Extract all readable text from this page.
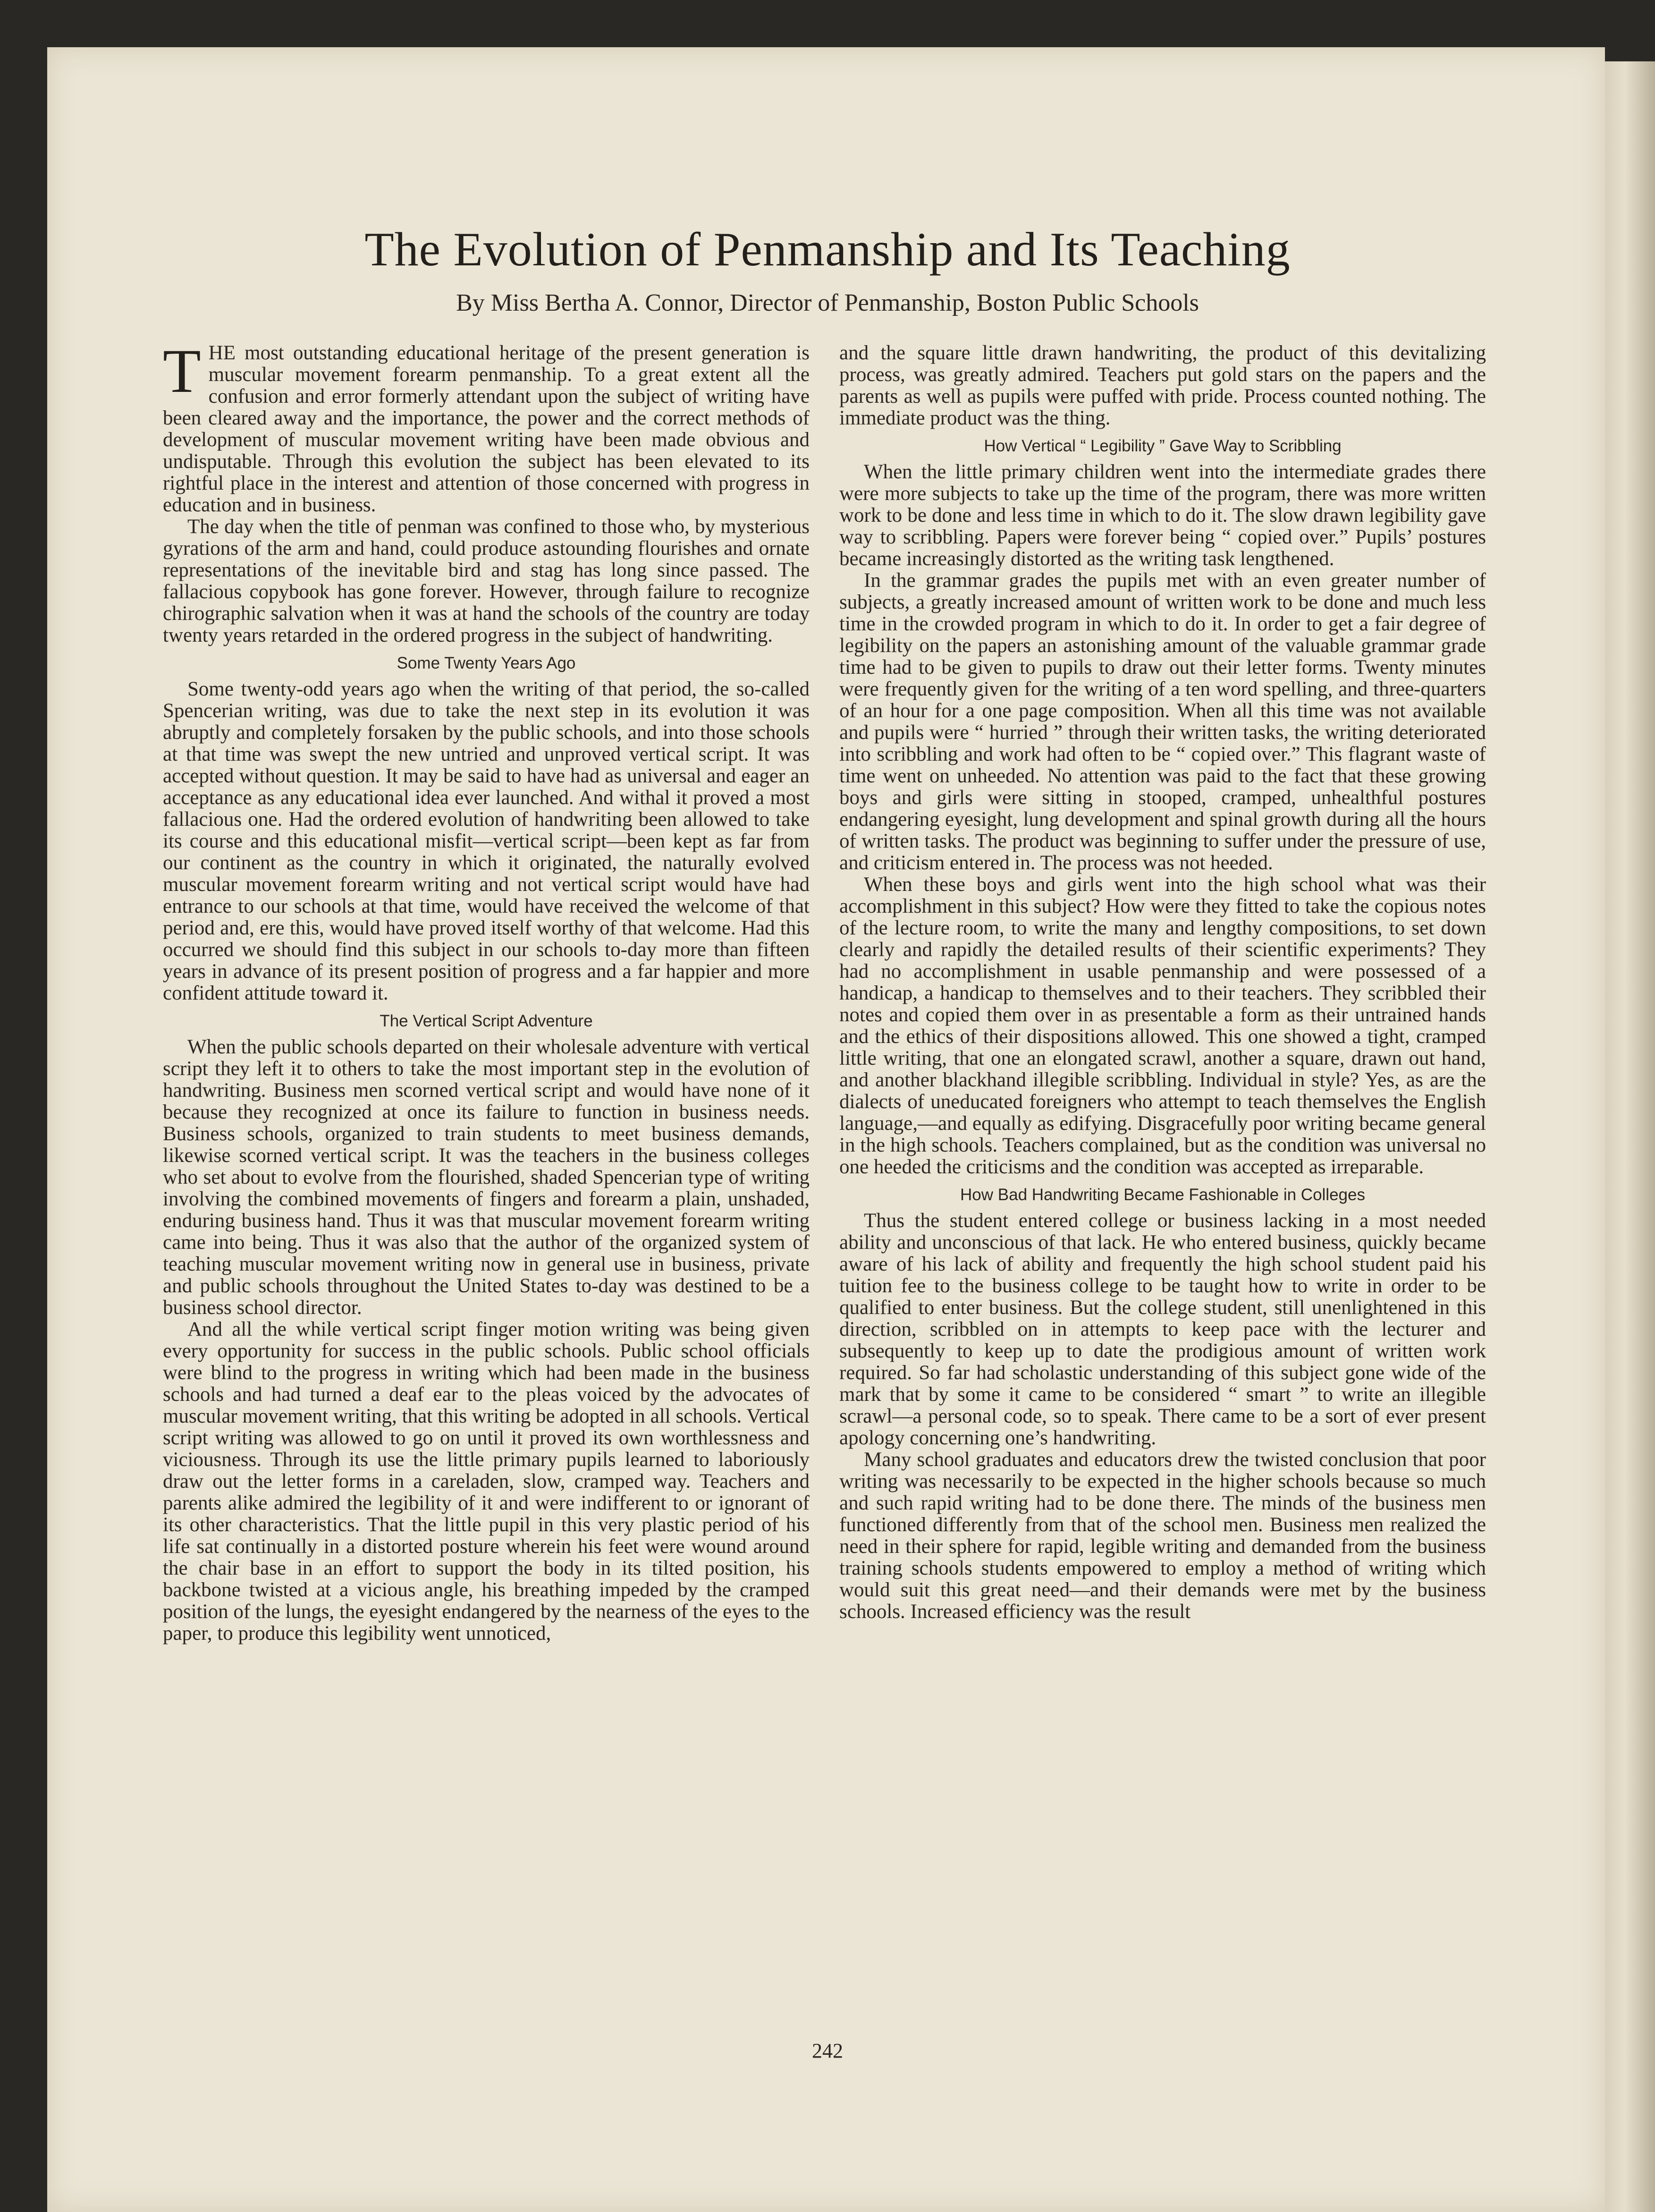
The Evolution of Penmanship and Its Teaching
By Miss Bertha A. Connor, Director of Penmanship, Boston Public Schools

THE most outstanding educational heritage of the present generation is muscular movement forearm penmanship. To a great extent all the confusion and error formerly attendant upon the subject of writing have been cleared away and the importance, the power and the correct methods of development of muscular movement writing have been made obvious and undisputable. Through this evolution the subject has been elevated to its rightful place in the interest and attention of those concerned with progress in education and in business.

The day when the title of penman was confined to those who, by mysterious gyrations of the arm and hand, could produce astounding flourishes and ornate representations of the inevitable bird and stag has long since passed. The fallacious copybook has gone forever. However, through failure to recognize chirographic salvation when it was at hand the schools of the country are today twenty years retarded in the ordered progress in the subject of handwriting.

Some Twenty Years Ago

Some twenty-odd years ago when the writing of that period, the so-called Spencerian writing, was due to take the next step in its evolution it was abruptly and completely forsaken by the public schools, and into those schools at that time was swept the new untried and unproved vertical script. It was accepted without question. It may be said to have had as universal and eager an acceptance as any educational idea ever launched. And withal it proved a most fallacious one. Had the ordered evolution of handwriting been allowed to take its course and this educational misfit—vertical script—been kept as far from our continent as the country in which it originated, the naturally evolved muscular movement forearm writing and not vertical script would have had entrance to our schools at that time, would have received the welcome of that period and, ere this, would have proved itself worthy of that welcome. Had this occurred we should find this subject in our schools to-day more than fifteen years in advance of its present position of progress and a far happier and more confident attitude toward it.

The Vertical Script Adventure

When the public schools departed on their wholesale adventure with vertical script they left it to others to take the most important step in the evolution of handwriting. Business men scorned vertical script and would have none of it because they recognized at once its failure to function in business needs. Business schools, organized to train students to meet business demands, likewise scorned vertical script. It was the teachers in the business colleges who set about to evolve from the flourished, shaded Spencerian type of writing involving the combined movements of fingers and forearm a plain, unshaded, enduring business hand. Thus it was that muscular movement forearm writing came into being. Thus it was also that the author of the organized system of teaching muscular movement writing now in general use in business, private and public schools throughout the United States to-day was destined to be a business school director.

And all the while vertical script finger motion writing was being given every opportunity for success in the public schools. Public school officials were blind to the progress in writing which had been made in the business schools and had turned a deaf ear to the pleas voiced by the advocates of muscular movement writing, that this writing be adopted in all schools. Vertical script writing was allowed to go on until it proved its own worthlessness and viciousness. Through its use the little primary pupils learned to laboriously draw out the letter forms in a careladen, slow, cramped way. Teachers and parents alike admired the legibility of it and were indifferent to or ignorant of its other characteristics. That the little pupil in this very plastic period of his life sat continually in a distorted posture wherein his feet were wound around the chair base in an effort to support the body in its tilted position, his backbone twisted at a vicious angle, his breathing impeded by the cramped position of the lungs, the eyesight endangered by the nearness of the eyes to the paper, to produce this legibility went unnoticed,

and the square little drawn handwriting, the product of this devitalizing process, was greatly admired. Teachers put gold stars on the papers and the parents as well as pupils were puffed with pride. Process counted nothing. The immediate product was the thing.

How Vertical “ Legibility ” Gave Way to Scribbling

When the little primary children went into the intermediate grades there were more subjects to take up the time of the program, there was more written work to be done and less time in which to do it. The slow drawn legibility gave way to scribbling. Papers were forever being “ copied over.” Pupils’ postures became increasingly distorted as the writing task lengthened.

In the grammar grades the pupils met with an even greater number of subjects, a greatly increased amount of written work to be done and much less time in the crowded program in which to do it. In order to get a fair degree of legibility on the papers an astonishing amount of the valuable grammar grade time had to be given to pupils to draw out their letter forms. Twenty minutes were frequently given for the writing of a ten word spelling, and three-quarters of an hour for a one page composition. When all this time was not available and pupils were “ hurried ” through their written tasks, the writing deteriorated into scribbling and work had often to be “ copied over.” This flagrant waste of time went on unheeded. No attention was paid to the fact that these growing boys and girls were sitting in stooped, cramped, unhealthful postures endangering eyesight, lung development and spinal growth during all the hours of written tasks. The product was beginning to suffer under the pressure of use, and criticism entered in. The process was not heeded.

When these boys and girls went into the high school what was their accomplishment in this subject? How were they fitted to take the copious notes of the lecture room, to write the many and lengthy compositions, to set down clearly and rapidly the detailed results of their scientific experiments? They had no accomplishment in usable penmanship and were possessed of a handicap, a handicap to themselves and to their teachers. They scribbled their notes and copied them over in as presentable a form as their untrained hands and the ethics of their dispositions allowed. This one showed a tight, cramped little writing, that one an elongated scrawl, another a square, drawn out hand, and another blackhand illegible scribbling. Individual in style? Yes, as are the dialects of uneducated foreigners who attempt to teach themselves the English language,—and equally as edifying. Disgracefully poor writing became general in the high schools. Teachers complained, but as the condition was universal no one heeded the criticisms and the condition was accepted as irreparable.

How Bad Handwriting Became Fashionable in Colleges

Thus the student entered college or business lacking in a most needed ability and unconscious of that lack. He who entered business, quickly became aware of his lack of ability and frequently the high school student paid his tuition fee to the business college to be taught how to write in order to be qualified to enter business. But the college student, still unenlightened in this direction, scribbled on in attempts to keep pace with the lecturer and subsequently to keep up to date the prodigious amount of written work required. So far had scholastic understanding of this subject gone wide of the mark that by some it came to be considered “ smart ” to write an illegible scrawl—a personal code, so to speak. There came to be a sort of ever present apology concerning one’s handwriting.

Many school graduates and educators drew the twisted conclusion that poor writing was necessarily to be expected in the higher schools because so much and such rapid writing had to be done there. The minds of the business men functioned differently from that of the school men. Business men realized the need in their sphere for rapid, legible writing and demanded from the business training schools students empowered to employ a method of writing which would suit this great need—and their demands were met by the business schools. Increased efficiency was the result

242
